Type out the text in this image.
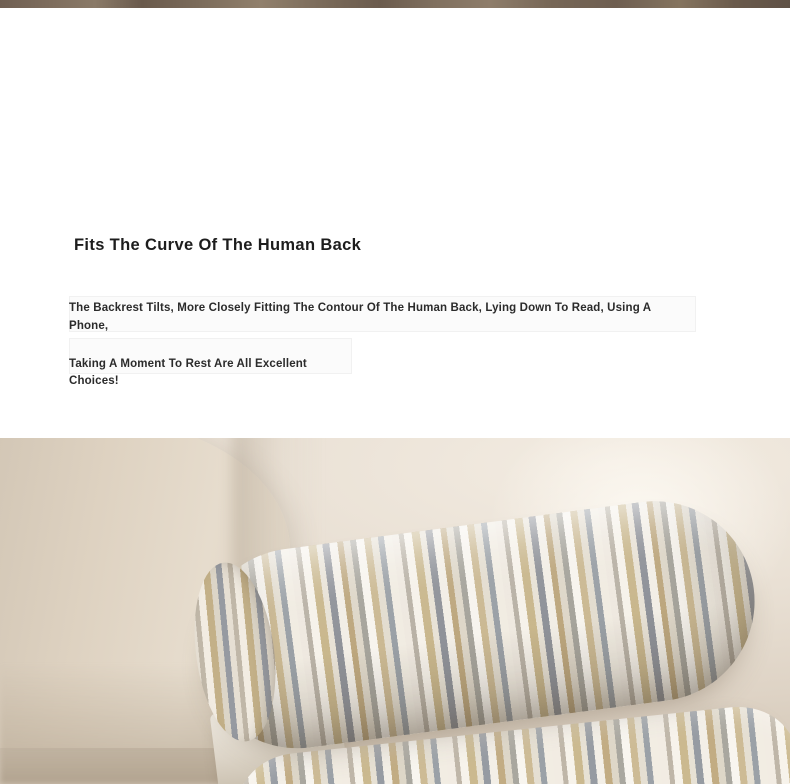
Fits The Curve Of The Human Back
The Backrest Tilts, More Closely Fitting The Contour Of The Human Back, Lying Down To Read, Using A Phone,
Taking A Moment To Rest Are All Excellent Choices!
